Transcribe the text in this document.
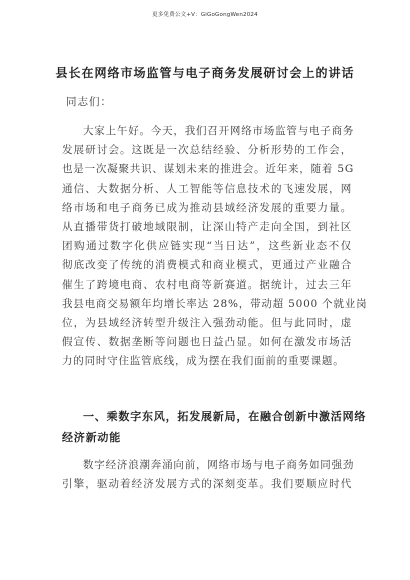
更多免费公文+V：GiGoGongWen2024
县长在网络市场监管与电子商务发展研讨会上的讲话
同志们：
大家上午好。今天，我们召开网络市场监管与电子商务
发展研讨会。这既是一次总结经验、分析形势的工作会，
也是一次凝聚共识、谋划未来的推进会。近年来，随着 5G
通信、大数据分析、人工智能等信息技术的飞速发展，网
络市场和电子商务已成为推动县域经济发展的重要力量。
从直播带货打破地域限制，让深山特产走向全国，到社区
团购通过数字化供应链实现“当日达”，这些新业态不仅
彻底改变了传统的消费模式和商业模式，更通过产业融合
催生了跨境电商、农村电商等新赛道。据统计，过去三年
我县电商交易额年均增长率达 28%，带动超 5000 个就业岗
位，为县域经济转型升级注入强劲动能。但与此同时，虚
假宣传、数据垄断等问题也日益凸显。如何在激发市场活
力的同时守住监管底线，成为摆在我们面前的重要课题。
一、乘数字东风，拓发展新局，在融合创新中激活网络
经济新动能
数字经济浪潮奔涌向前，网络市场与电子商务如同强劲
引擎，驱动着经济发展方式的深刻变革。我们要顺应时代
